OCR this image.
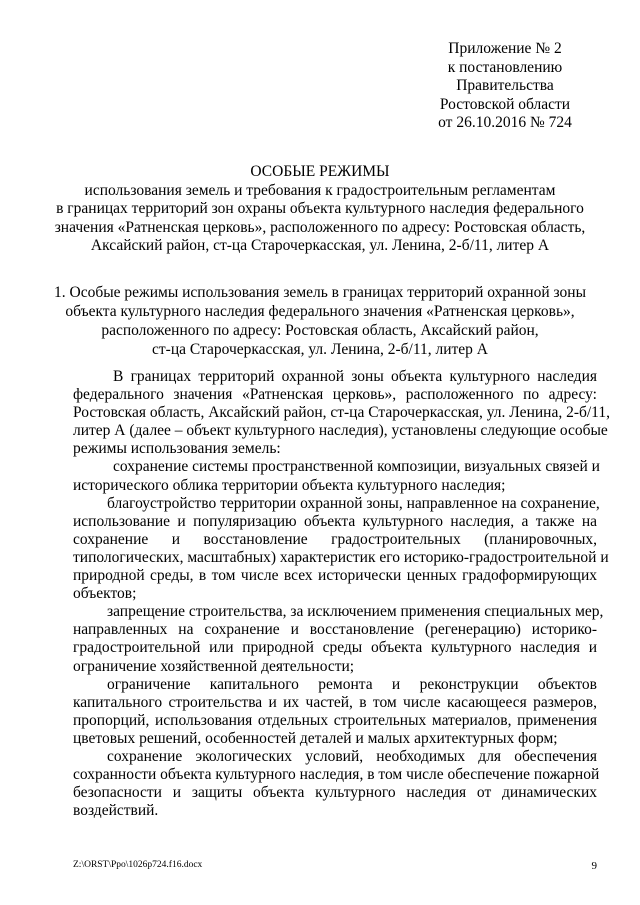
Приложение № 2
к постановлению
Правительства
Ростовской области
от 26.10.2016 № 724
ОСОБЫЕ РЕЖИМЫ
использования земель и требования к градостроительным регламентам
в границах территорий зон охраны объекта культурного наследия федерального
значения «Ратненская церковь», расположенного по адресу: Ростовская область,
Аксайский район, ст-ца Старочеркасская, ул. Ленина, 2-б/11, литер А
1. Особые режимы использования земель в границах территорий охранной зоны
объекта культурного наследия федерального значения «Ратненская церковь»,
расположенного по адресу: Ростовская область, Аксайский район,
ст-ца Старочеркасская, ул. Ленина, 2-б/11, литер А
В границах территорий охранной зоны объекта культурного наследия
федерального значения «Ратненская церковь», расположенного по адресу:
Ростовская область, Аксайский район, ст-ца Старочеркасская, ул. Ленина, 2-б/11,
литер А (далее – объект культурного наследия), установлены следующие особые
режимы использования земель:
сохранение системы пространственной композиции, визуальных связей и
исторического облика территории объекта культурного наследия;
благоустройство территории охранной зоны, направленное на сохранение,
использование и популяризацию объекта культурного наследия, а также на
сохранение и восстановление градостроительных (планировочных,
типологических, масштабных) характеристик его историко-градостроительной и
природной среды, в том числе всех исторически ценных градоформирующих
объектов;
запрещение строительства, за исключением применения специальных мер,
направленных на сохранение и восстановление (регенерацию) историко-
градостроительной или природной среды объекта культурного наследия и
ограничение хозяйственной деятельности;
ограничение капитального ремонта и реконструкции объектов
капитального строительства и их частей, в том числе касающееся размеров,
пропорций, использования отдельных строительных материалов, применения
цветовых решений, особенностей деталей и малых архитектурных форм;
сохранение экологических условий, необходимых для обеспечения
сохранности объекта культурного наследия, в том числе обеспечение пожарной
безопасности и защиты объекта культурного наследия от динамических
воздействий.
Z:\ORST\Ppo\1026p724.f16.docx	9
